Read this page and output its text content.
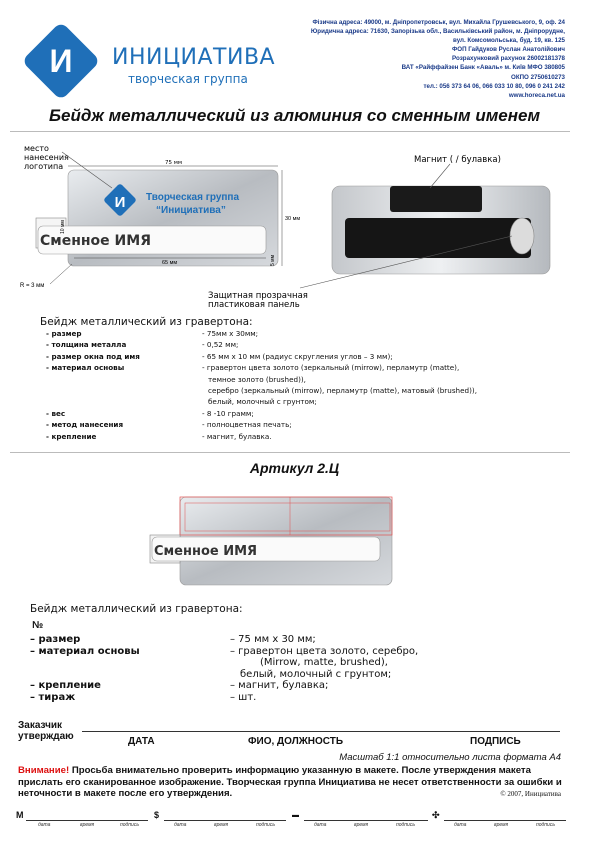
И ИНИЦИАТИВА
творческая группа
Фізична адреса: 49000, м. Дніпропетровськ, вул. Михайла Грушевського, 9, оф. 24
Юридична адреса: 71630, Запорізька обл., Васильківський район, м. Дніпрорудне,
вул. Комсомольська, буд. 19, кв. 125
ФОП Гайдуков Руслан Анатолійович
Розрахунковий рахунок 26002181378
ВАТ «Райффайзен Банк «Аваль» м. Київ МФО 380805
ОКПО 2750610273
тел.: 056 373 64 06, 066 033 10 80, 096 0 241 242
www.horeca.net.ua
Бейдж металлический из алюминия со сменным именем
Сменное ИМЯ
И Творческая группа
“Инициатива”
75 мм
30 мм
65 мм
10 мм
5 мм
R = 3 мм
место
нанесения
логотипа
Магнит ( / булавка)
Защитная прозрачная
пластиковая панель
Бейдж металлический из гравертона:
- размер	- 75мм х 30мм;
- толщина металла	- 0,52 мм;
- размер окна под имя	- 65 мм х 10 мм (радиус скругления углов – 3 мм);
- материал основы	- гравертон цвета золото (зеркальный (mirrow), перламутр (matte),
темное золото (brushed)),
серебро (зеркальный (mirrow), перламутр (matte), матовый (brushed)),
белый, молочный с грунтом;
- вес	- 8 -10 грамм;
- метод нанесения	- полноцветная печать;
- крепление	- магнит, булавка.
Артикул 2.Ц
Сменное ИМЯ
Бейдж металлический из гравертона:
№
– размер	– 75 мм х 30 мм;
– материал основы	– гравертон цвета золото, серебро,
(Mirrow, matte, brushed),
белый, молочный с грунтом;
– крепление	– магнит, булавка;
– тираж	– шт.
Заказчик
утверждаю	ДАТА	ФИО, ДОЛЖНОСТЬ	ПОДПИСЬ
Масштаб 1:1 относительно листа формата А4
Внимание! Просьба внимательно проверить информацию указанную в макете. После утверждения макета прислать его сканированное изображение. Творческая группа Инициатива не несет ответственности за ошибки и неточности в макете после его утверждения.	© 2007, Инициатива
М
дата	время	подпись
$
дата	время	подпись
▬
дата	время	подпись
✣
дата	время	подпись
